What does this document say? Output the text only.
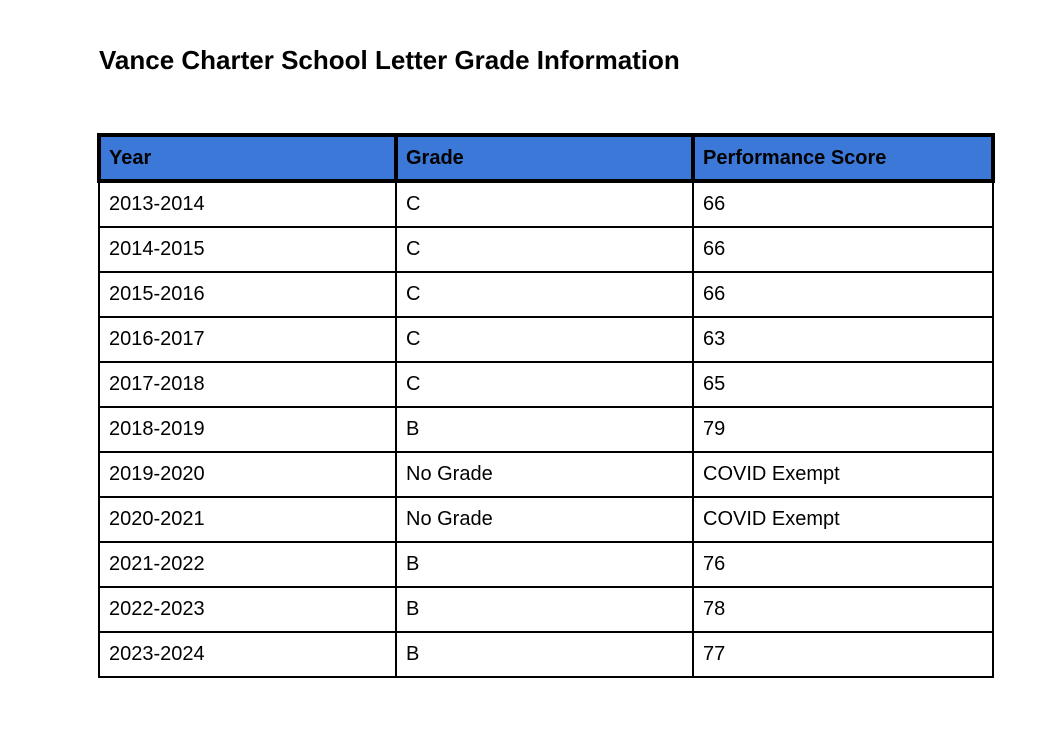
Vance Charter School Letter Grade Information
Year	Grade	Performance Score
2013-2014	C	66
2014-2015	C	66
2015-2016	C	66
2016-2017	C	63
2017-2018	C	65
2018-2019	B	79
2019-2020	No Grade	COVID Exempt
2020-2021	No Grade	COVID Exempt
2021-2022	B	76
2022-2023	B	78
2023-2024	B	77
